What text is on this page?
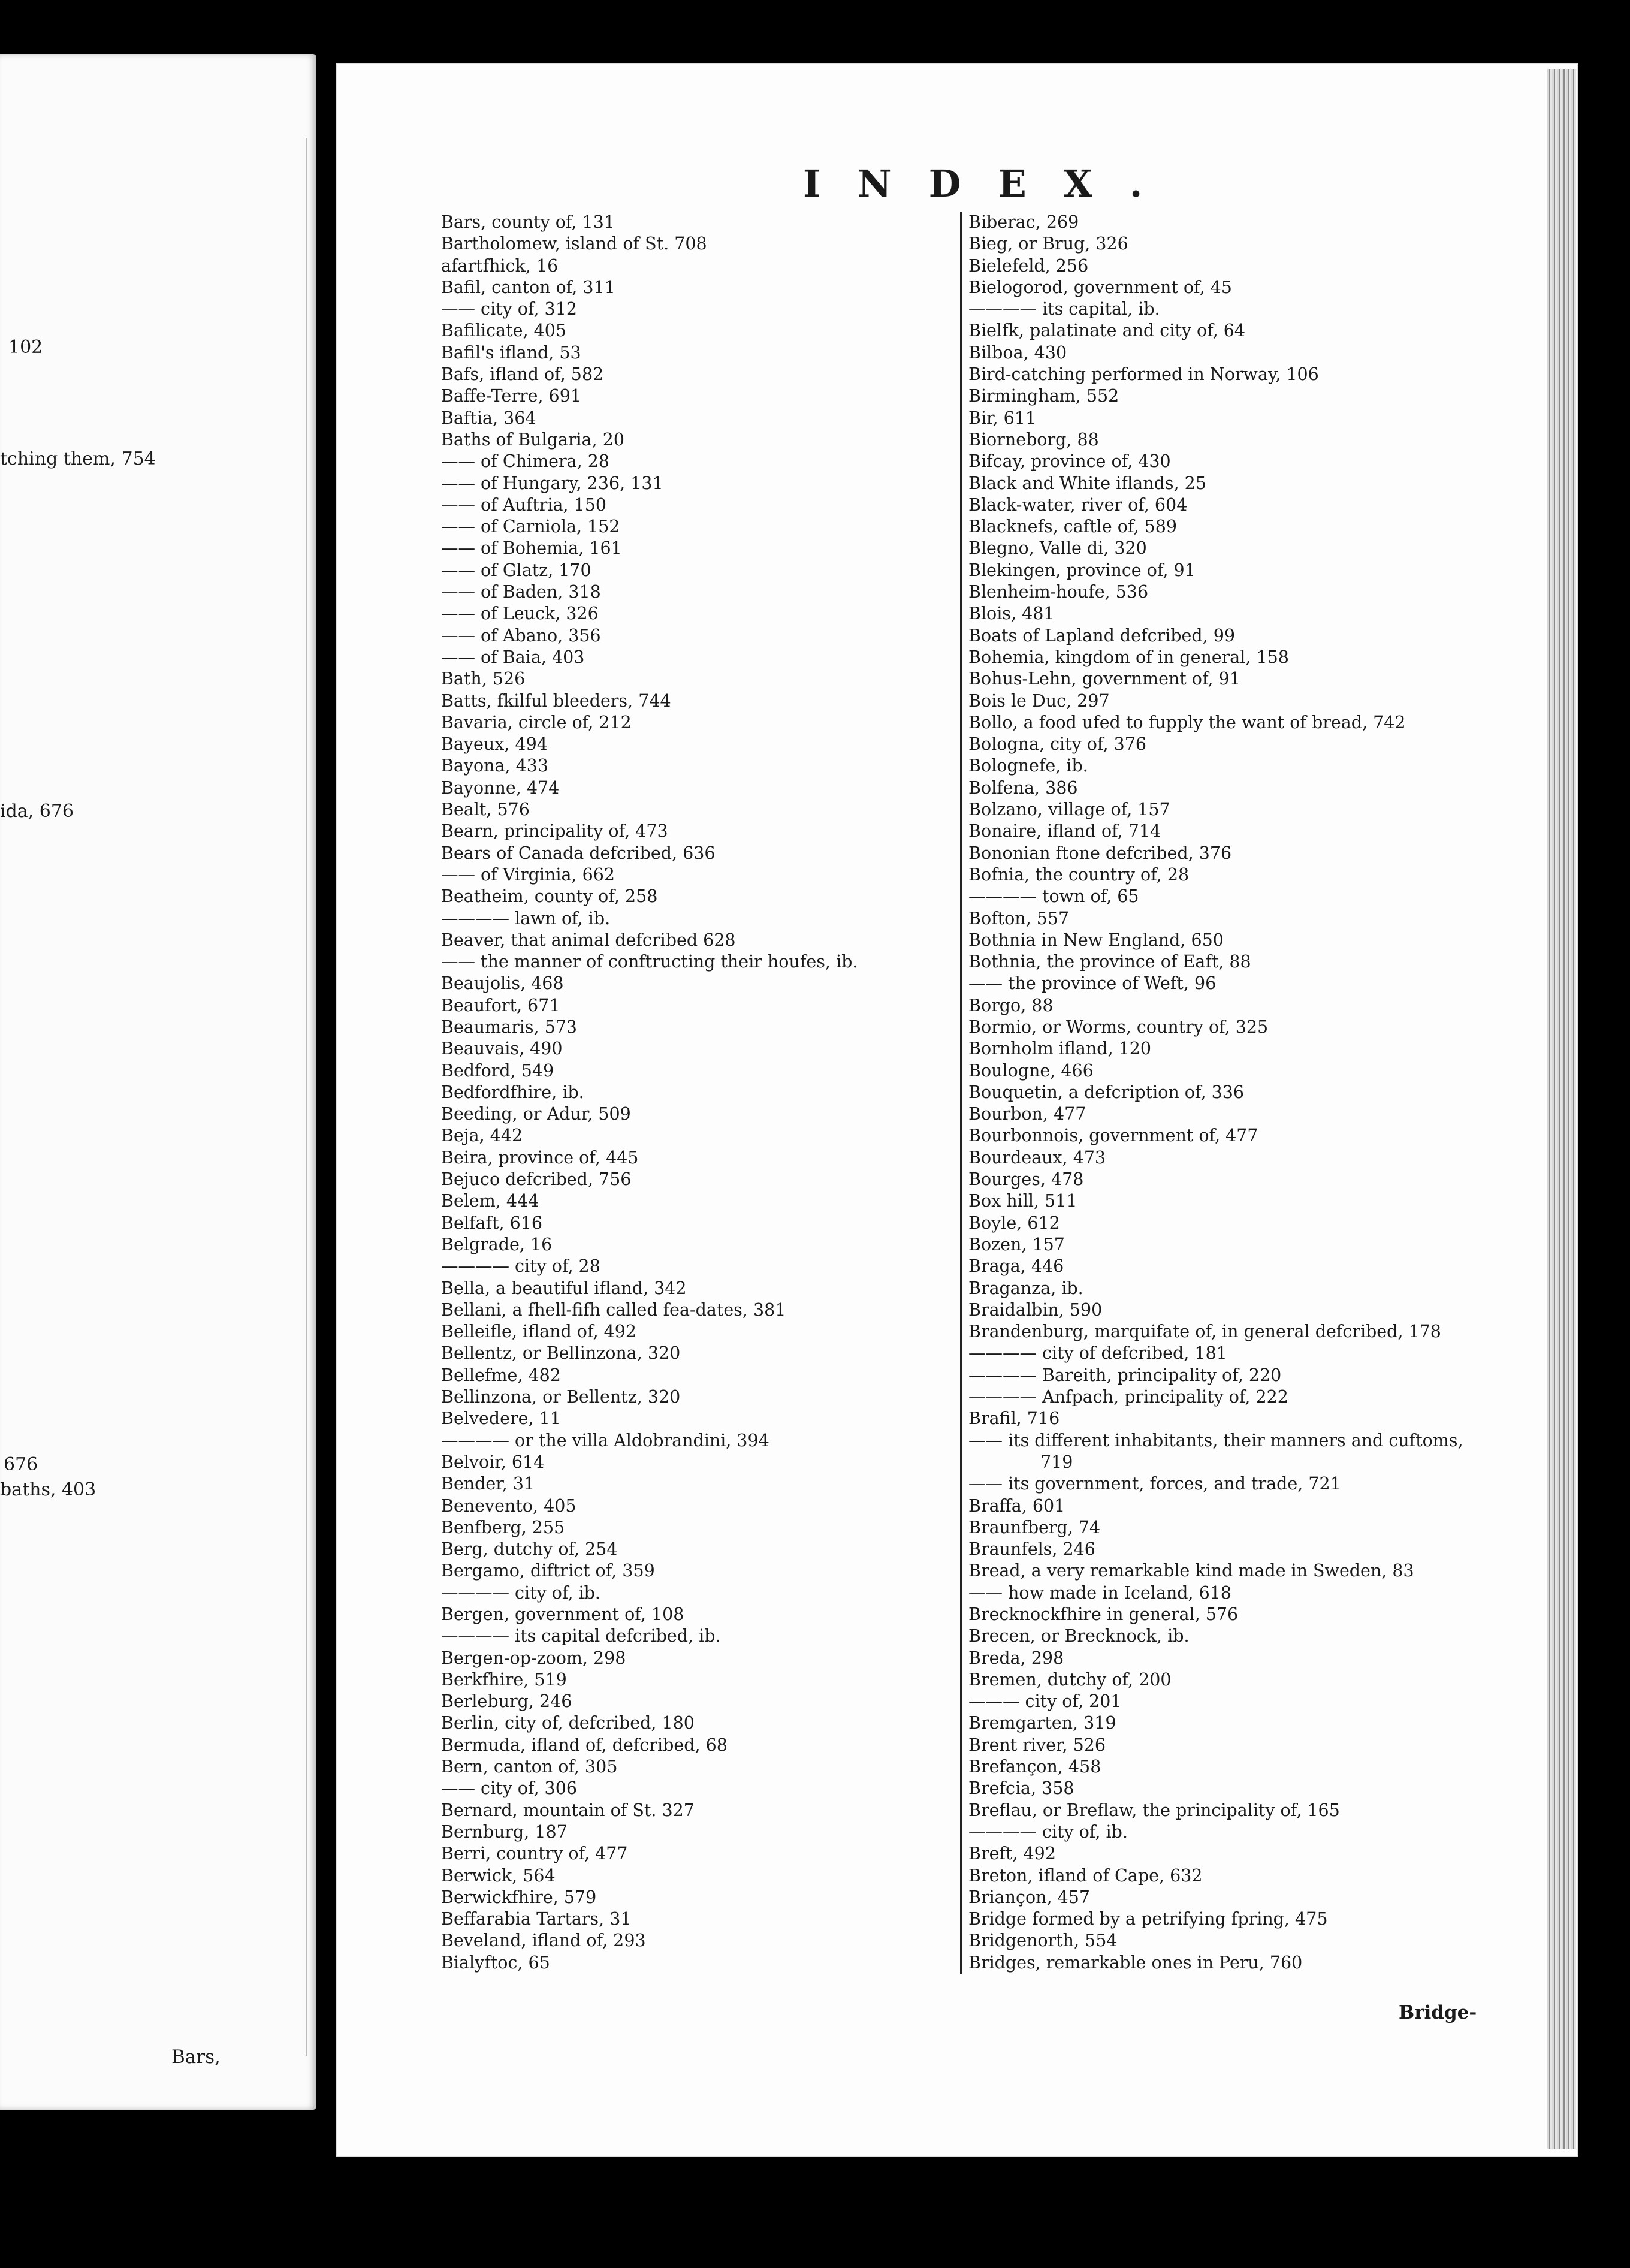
102
tching them, 754
ida, 676
676
baths, 403
Bars,
INDEX.
Bars, county of, 131
Bartholomew, island of St. 708
afartfhick, 16
Bafil, canton of, 311
—— city of, 312
Bafilicate, 405
Bafil's ifland, 53
Bafs, ifland of, 582
Baffe-Terre, 691
Baftia, 364
Baths of Bulgaria, 20
—— of Chimera, 28
—— of Hungary, 236, 131
—— of Auftria, 150
—— of Carniola, 152
—— of Bohemia, 161
—— of Glatz, 170
—— of Baden, 318
—— of Leuck, 326
—— of Abano, 356
—— of Baia, 403
Bath, 526
Batts, fkilful bleeders, 744
Bavaria, circle of, 212
Bayeux, 494
Bayona, 433
Bayonne, 474
Bealt, 576
Bearn, principality of, 473
Bears of Canada defcribed, 636
—— of Virginia, 662
Beatheim, county of, 258
———— lawn of, ib.
Beaver, that animal defcribed 628
—— the manner of conftructing their houfes, ib.
Beaujolis, 468
Beaufort, 671
Beaumaris, 573
Beauvais, 490
Bedford, 549
Bedfordfhire, ib.
Beeding, or Adur, 509
Beja, 442
Beira, province of, 445
Bejuco defcribed, 756
Belem, 444
Belfaft, 616
Belgrade, 16
———— city of, 28
Bella, a beautiful ifland, 342
Bellani, a fhell-fifh called fea-dates, 381
Belleifle, ifland of, 492
Bellentz, or Bellinzona, 320
Bellefme, 482
Bellinzona, or Bellentz, 320
Belvedere, 11
———— or the villa Aldobrandini, 394
Belvoir, 614
Bender, 31
Benevento, 405
Benfberg, 255
Berg, dutchy of, 254
Bergamo, diftrict of, 359
———— city of, ib.
Bergen, government of, 108
———— its capital defcribed, ib.
Bergen-op-zoom, 298
Berkfhire, 519
Berleburg, 246
Berlin, city of, defcribed, 180
Bermuda, ifland of, defcribed, 68
Bern, canton of, 305
—— city of, 306
Bernard, mountain of St. 327
Bernburg, 187
Berri, country of, 477
Berwick, 564
Berwickfhire, 579
Beffarabia Tartars, 31
Beveland, ifland of, 293
Bialyftoc, 65
Biberac, 269
Bieg, or Brug, 326
Bielefeld, 256
Bielogorod, government of, 45
———— its capital, ib.
Bielfk, palatinate and city of, 64
Bilboa, 430
Bird-catching performed in Norway, 106
Birmingham, 552
Bir, 611
Biorneborg, 88
Bifcay, province of, 430
Black and White iflands, 25
Black-water, river of, 604
Blacknefs, caftle of, 589
Blegno, Valle di, 320
Blekingen, province of, 91
Blenheim-houfe, 536
Blois, 481
Boats of Lapland defcribed, 99
Bohemia, kingdom of in general, 158
Bohus-Lehn, government of, 91
Bois le Duc, 297
Bollo, a food ufed to fupply the want of bread, 742
Bologna, city of, 376
Bolognefe, ib.
Bolfena, 386
Bolzano, village of, 157
Bonaire, ifland of, 714
Bononian ftone defcribed, 376
Bofnia, the country of, 28
———— town of, 65
Bofton, 557
Bothnia in New England, 650
Bothnia, the province of Eaft, 88
—— the province of Weft, 96
Borgo, 88
Bormio, or Worms, country of, 325
Bornholm ifland, 120
Boulogne, 466
Bouquetin, a defcription of, 336
Bourbon, 477
Bourbonnois, government of, 477
Bourdeaux, 473
Bourges, 478
Box hill, 511
Boyle, 612
Bozen, 157
Braga, 446
Braganza, ib.
Braidalbin, 590
Brandenburg, marquifate of, in general defcribed, 178
———— city of defcribed, 181
———— Bareith, principality of, 220
———— Anfpach, principality of, 222
Brafil, 716
—— its different inhabitants, their manners and cuftoms,
719
—— its government, forces, and trade, 721
Braffa, 601
Braunfberg, 74
Braunfels, 246
Bread, a very remarkable kind made in Sweden, 83
—— how made in Iceland, 618
Brecknockfhire in general, 576
Brecen, or Brecknock, ib.
Breda, 298
Bremen, dutchy of, 200
——— city of, 201
Bremgarten, 319
Brent river, 526
Brefançon, 458
Brefcia, 358
Breflau, or Breflaw, the principality of, 165
———— city of, ib.
Breft, 492
Breton, ifland of Cape, 632
Briançon, 457
Bridge formed by a petrifying fpring, 475
Bridgenorth, 554
Bridges, remarkable ones in Peru, 760
Bridge-
